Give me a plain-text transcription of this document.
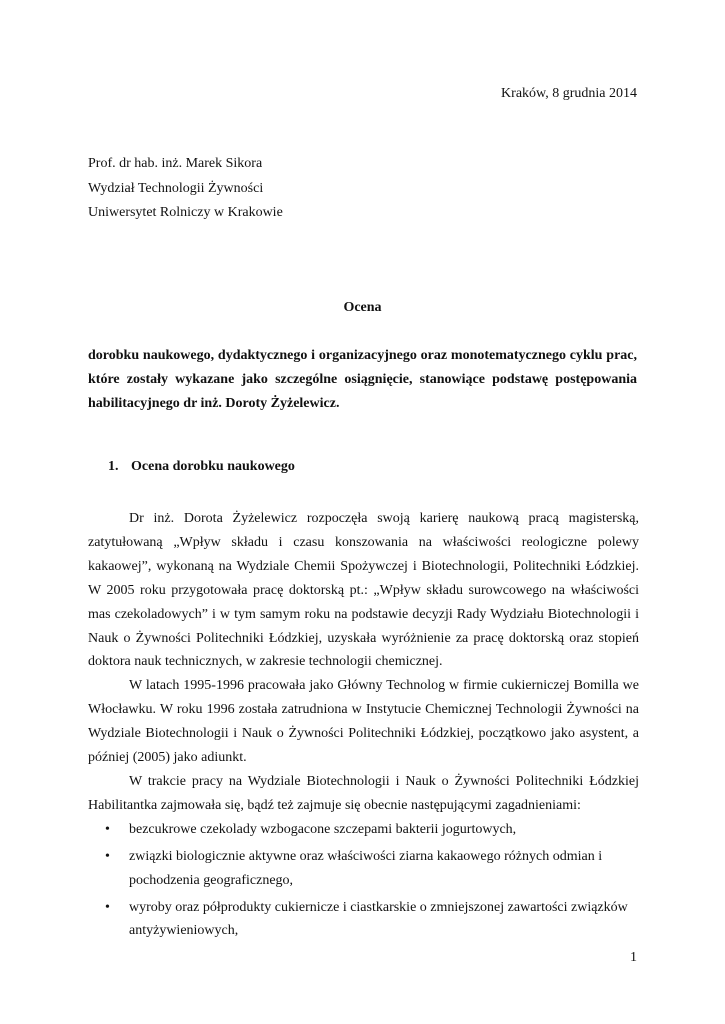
Kraków, 8 grudnia 2014
Prof. dr hab. inż. Marek Sikora
Wydział Technologii Żywności
Uniwersytet Rolniczy w Krakowie
Ocena
dorobku naukowego, dydaktycznego i organizacyjnego oraz monotematycznego cyklu prac, które zostały wykazane jako szczególne osiągnięcie, stanowiące podstawę postępowania habilitacyjnego dr inż. Doroty Żyżelewicz.
1. Ocena dorobku naukowego

Dr inż. Dorota Żyżelewicz rozpoczęła swoją karierę naukową pracą magisterską, zatytułowaną „Wpływ składu i czasu konszowania na właściwości reologiczne polewy kakaowej”, wykonaną na Wydziale Chemii Spożywczej i Biotechnologii, Politechniki Łódzkiej. W 2005 roku przygotowała pracę doktorską pt.: „Wpływ składu surowcowego na właściwości mas czekoladowych” i w tym samym roku na podstawie decyzji Rady Wydziału Biotechnologii i Nauk o Żywności Politechniki Łódzkiej, uzyskała wyróżnienie za pracę doktorską oraz stopień doktora nauk technicznych, w zakresie technologii chemicznej.

W latach 1995-1996 pracowała jako Główny Technolog w firmie cukierniczej Bomilla we Włocławku. W roku 1996 została zatrudniona w Instytucie Chemicznej Technologii Żywności na Wydziale Biotechnologii i Nauk o Żywności Politechniki Łódzkiej, początkowo jako asystent, a później (2005) jako adiunkt.

W trakcie pracy na Wydziale Biotechnologii i Nauk o Żywności Politechniki Łódzkiej Habilitantka zajmowała się, bądź też zajmuje się obecnie następującymi zagadnieniami:

• bezcukrowe czekolady wzbogacone szczepami bakterii jogurtowych,
• związki biologicznie aktywne oraz właściwości ziarna kakaowego różnych odmian i pochodzenia geograficznego,
• wyroby oraz półprodukty cukiernicze i ciastkarskie o zmniejszonej zawartości związków antyżywieniowych,
1
